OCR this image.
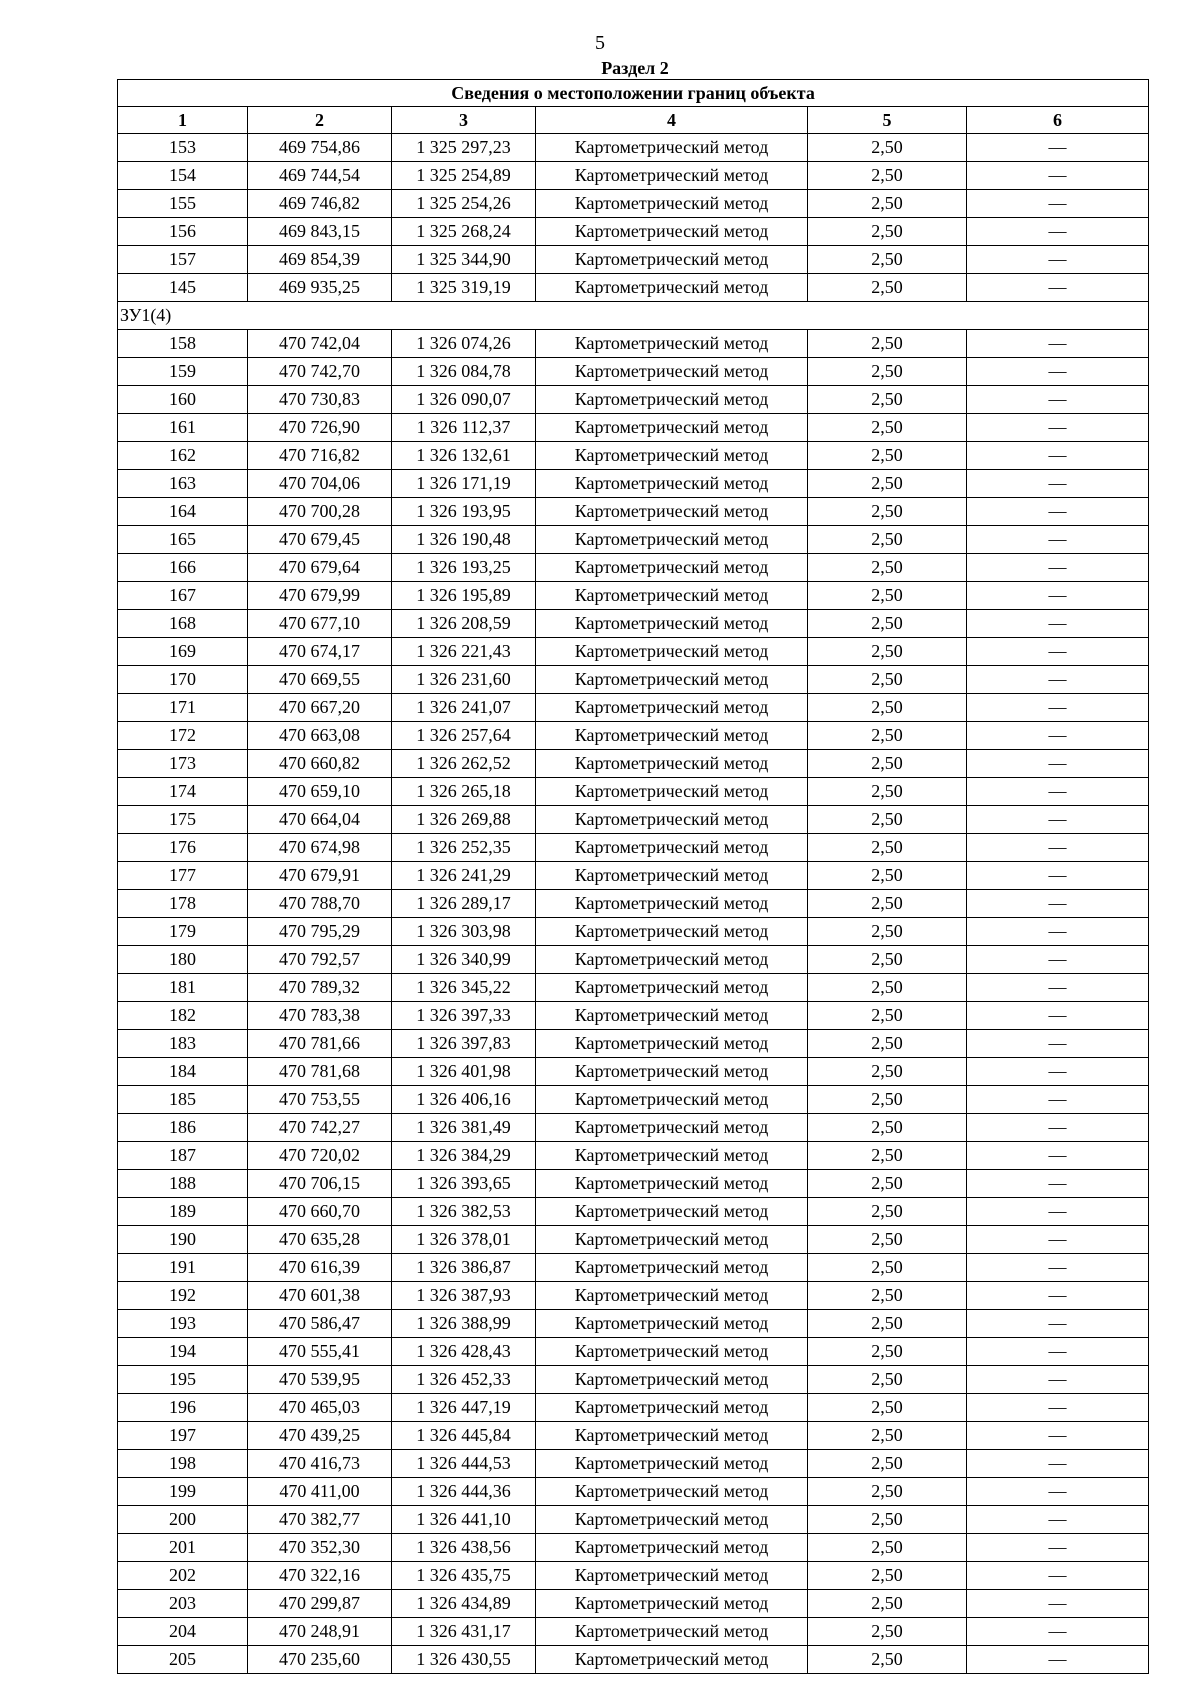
5
Раздел 2
Сведения о местоположении границ объекта					
1	2	3	4	5	6
153	469 754,86	1 325 297,23	Картометрический метод	2,50	—
154	469 744,54	1 325 254,89	Картометрический метод	2,50	—
155	469 746,82	1 325 254,26	Картометрический метод	2,50	—
156	469 843,15	1 325 268,24	Картометрический метод	2,50	—
157	469 854,39	1 325 344,90	Картометрический метод	2,50	—
145	469 935,25	1 325 319,19	Картометрический метод	2,50	—
ЗУ1(4)					
158	470 742,04	1 326 074,26	Картометрический метод	2,50	—
159	470 742,70	1 326 084,78	Картометрический метод	2,50	—
160	470 730,83	1 326 090,07	Картометрический метод	2,50	—
161	470 726,90	1 326 112,37	Картометрический метод	2,50	—
162	470 716,82	1 326 132,61	Картометрический метод	2,50	—
163	470 704,06	1 326 171,19	Картометрический метод	2,50	—
164	470 700,28	1 326 193,95	Картометрический метод	2,50	—
165	470 679,45	1 326 190,48	Картометрический метод	2,50	—
166	470 679,64	1 326 193,25	Картометрический метод	2,50	—
167	470 679,99	1 326 195,89	Картометрический метод	2,50	—
168	470 677,10	1 326 208,59	Картометрический метод	2,50	—
169	470 674,17	1 326 221,43	Картометрический метод	2,50	—
170	470 669,55	1 326 231,60	Картометрический метод	2,50	—
171	470 667,20	1 326 241,07	Картометрический метод	2,50	—
172	470 663,08	1 326 257,64	Картометрический метод	2,50	—
173	470 660,82	1 326 262,52	Картометрический метод	2,50	—
174	470 659,10	1 326 265,18	Картометрический метод	2,50	—
175	470 664,04	1 326 269,88	Картометрический метод	2,50	—
176	470 674,98	1 326 252,35	Картометрический метод	2,50	—
177	470 679,91	1 326 241,29	Картометрический метод	2,50	—
178	470 788,70	1 326 289,17	Картометрический метод	2,50	—
179	470 795,29	1 326 303,98	Картометрический метод	2,50	—
180	470 792,57	1 326 340,99	Картометрический метод	2,50	—
181	470 789,32	1 326 345,22	Картометрический метод	2,50	—
182	470 783,38	1 326 397,33	Картометрический метод	2,50	—
183	470 781,66	1 326 397,83	Картометрический метод	2,50	—
184	470 781,68	1 326 401,98	Картометрический метод	2,50	—
185	470 753,55	1 326 406,16	Картометрический метод	2,50	—
186	470 742,27	1 326 381,49	Картометрический метод	2,50	—
187	470 720,02	1 326 384,29	Картометрический метод	2,50	—
188	470 706,15	1 326 393,65	Картометрический метод	2,50	—
189	470 660,70	1 326 382,53	Картометрический метод	2,50	—
190	470 635,28	1 326 378,01	Картометрический метод	2,50	—
191	470 616,39	1 326 386,87	Картометрический метод	2,50	—
192	470 601,38	1 326 387,93	Картометрический метод	2,50	—
193	470 586,47	1 326 388,99	Картометрический метод	2,50	—
194	470 555,41	1 326 428,43	Картометрический метод	2,50	—
195	470 539,95	1 326 452,33	Картометрический метод	2,50	—
196	470 465,03	1 326 447,19	Картометрический метод	2,50	—
197	470 439,25	1 326 445,84	Картометрический метод	2,50	—
198	470 416,73	1 326 444,53	Картометрический метод	2,50	—
199	470 411,00	1 326 444,36	Картометрический метод	2,50	—
200	470 382,77	1 326 441,10	Картометрический метод	2,50	—
201	470 352,30	1 326 438,56	Картометрический метод	2,50	—
202	470 322,16	1 326 435,75	Картометрический метод	2,50	—
203	470 299,87	1 326 434,89	Картометрический метод	2,50	—
204	470 248,91	1 326 431,17	Картометрический метод	2,50	—
205	470 235,60	1 326 430,55	Картометрический метод	2,50	—
